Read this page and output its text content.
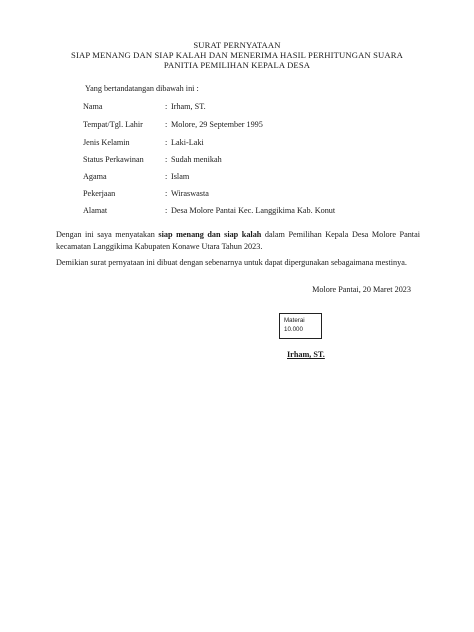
SURAT PERNYATAAN
SIAP MENANG DAN SIAP KALAH DAN MENERIMA HASIL PERHITUNGAN SUARA
PANITIA PEMILIHAN KEPALA DESA
Yang bertandatangan dibawah ini :
Nama	: Irham, ST.
Tempat/Tgl. Lahir	: Molore, 29 September 1995
Jenis Kelamin	: Laki-Laki
Status Perkawinan	: Sudah menikah
Agama	: Islam
Pekerjaan	: Wiraswasta
Alamat	: Desa Molore Pantai Kec. Langgikima Kab. Konut
Dengan ini saya menyatakan siap menang dan siap kalah dalam Pemilihan Kepala Desa Molore Pantai kecamatan Langgikima Kabupaten Konawe Utara Tahun 2023.
Demikian surat pernyataan ini dibuat dengan sebenarnya untuk dapat dipergunakan sebagaimana mestinya.
Molore Pantai, 20 Maret 2023
Materai
10.000
Irham, ST.
